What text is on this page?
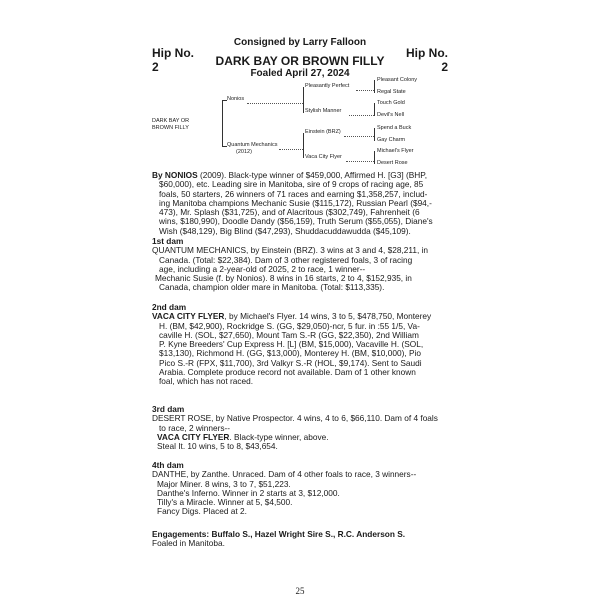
Consigned by Larry Falloon
Hip No.
2
Hip No.
2
DARK BAY OR BROWN FILLY
Foaled April 27, 2024
DARK BAY OR
BROWN FILLY
Nonios
Quantum Mechanics
(2012)
Pleasantly Perfect
Stylish Manner
Einstein (BRZ)
Vaca City Flyer
Pleasant Colony
Regal State
Touch Gold
Devil's Nell
Spend a Buck
Gay Charm
Michael's Flyer
Desert Rose
By NONIOS (2009). Black-type winner of $459,000, Affirmed H. [G3] (BHP,
$60,000), etc. Leading sire in Manitoba, sire of 9 crops of racing age, 85
foals, 50 starters, 26 winners of 71 races and earning $1,358,257, includ-
ing Manitoba champions Mechanic Susie ($115,172), Russian Pearl ($94,-
473), Mr. Splash ($31,725), and of Alacritous ($302,749), Fahrenheit (6
wins, $180,990), Doodle Dandy ($56,159), Truth Serum ($55,055), Diane's
Wish ($48,129), Big Blind ($47,293), Shuddacuddawudda ($45,109).
1st dam
QUANTUM MECHANICS, by Einstein (BRZ). 3 wins at 3 and 4, $28,211, in
Canada. (Total: $22,384). Dam of 3 other registered foals, 3 of racing
age, including a 2-year-old of 2025, 2 to race, 1 winner--
Mechanic Susie (f. by Nonios). 8 wins in 16 starts, 2 to 4, $152,935, in
Canada, champion older mare in Manitoba. (Total: $113,335).
2nd dam
VACA CITY FLYER, by Michael's Flyer. 14 wins, 3 to 5, $478,750, Monterey
H. (BM, $42,900), Rockridge S. (GG, $29,050)-ncr, 5 fur. in :55 1/5, Va-
caville H. (SOL, $27,650), Mount Tam S.-R (GG, $22,350), 2nd William
P. Kyne Breeders' Cup Express H. [L] (BM, $15,000), Vacaville H. (SOL,
$13,130), Richmond H. (GG, $13,000), Monterey H. (BM, $10,000), Pio
Pico S.-R (FPX, $11,700), 3rd Valkyr S.-R (HOL, $9,174). Sent to Saudi
Arabia. Complete produce record not available. Dam of 1 other known
foal, which has not raced.
3rd dam
DESERT ROSE, by Native Prospector. 4 wins, 4 to 6, $66,110. Dam of 4 foals
to race, 2 winners--
VACA CITY FLYER. Black-type winner, above.
Steal It. 10 wins, 5 to 8, $43,654.
4th dam
DANTHE, by Zanthe. Unraced. Dam of 4 other foals to race, 3 winners--
Major Miner. 8 wins, 3 to 7, $51,223.
Danthe's Inferno. Winner in 2 starts at 3, $12,000.
Tilly's a Miracle. Winner at 5, $4,500.
Fancy Digs. Placed at 2.
Engagements: Buffalo S., Hazel Wright Sire S., R.C. Anderson S.
Foaled in Manitoba.
25
